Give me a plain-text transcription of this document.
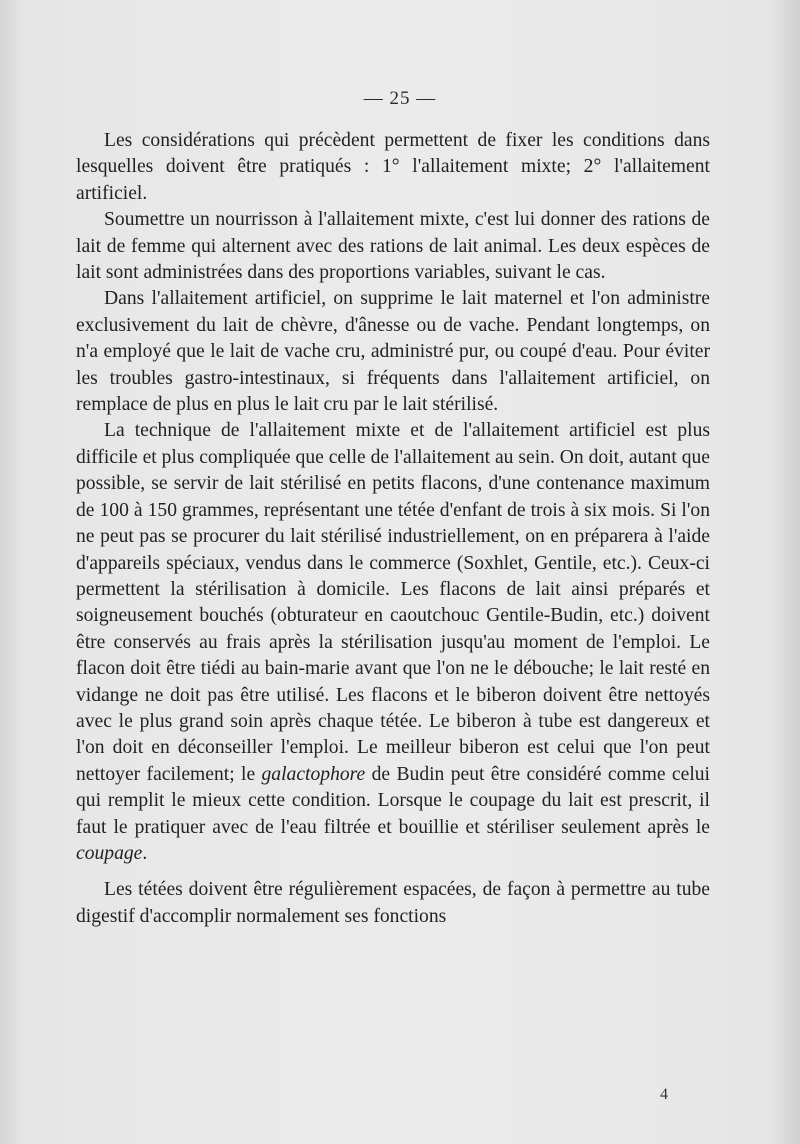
— 25 —

Les considérations qui précèdent permettent de fixer les conditions dans lesquelles doivent être pratiqués : 1° l'allaitement mixte; 2° l'allaitement artificiel.

Soumettre un nourrisson à l'allaitement mixte, c'est lui donner des rations de lait de femme qui alternent avec des rations de lait animal. Les deux espèces de lait sont administrées dans des proportions variables, suivant le cas.

Dans l'allaitement artificiel, on supprime le lait maternel et l'on administre exclusivement du lait de chèvre, d'ânesse ou de vache. Pendant longtemps, on n'a employé que le lait de vache cru, administré pur, ou coupé d'eau. Pour éviter les troubles gastro-intestinaux, si fréquents dans l'allaitement artificiel, on remplace de plus en plus le lait cru par le lait stérilisé.

La technique de l'allaitement mixte et de l'allaitement artificiel est plus difficile et plus compliquée que celle de l'allaitement au sein. On doit, autant que possible, se servir de lait stérilisé en petits flacons, d'une contenance maximum de 100 à 150 grammes, représentant une tétée d'enfant de trois à six mois. Si l'on ne peut pas se procurer du lait stérilisé industriellement, on en préparera à l'aide d'appareils spéciaux, vendus dans le commerce (Soxhlet, Gentile, etc.). Ceux-ci permettent la stérilisation à domicile. Les flacons de lait ainsi préparés et soigneusement bouchés (obturateur en caoutchouc Gentile-Budin, etc.) doivent être conservés au frais après la stérilisation jusqu'au moment de l'emploi. Le flacon doit être tiédi au bain-marie avant que l'on ne le débouche; le lait resté en vidange ne doit pas être utilisé. Les flacons et le biberon doivent être nettoyés avec le plus grand soin après chaque tétée. Le biberon à tube est dangereux et l'on doit en déconseiller l'emploi. Le meilleur biberon est celui que l'on peut nettoyer facilement; le galactophore de Budin peut être considéré comme celui qui remplit le mieux cette condition. Lorsque le coupage du lait est prescrit, il faut le pratiquer avec de l'eau filtrée et bouillie et stériliser seulement après le coupage.

Les tétées doivent être régulièrement espacées, de façon à permettre au tube digestif d'accomplir normalement ses fonctions

4
